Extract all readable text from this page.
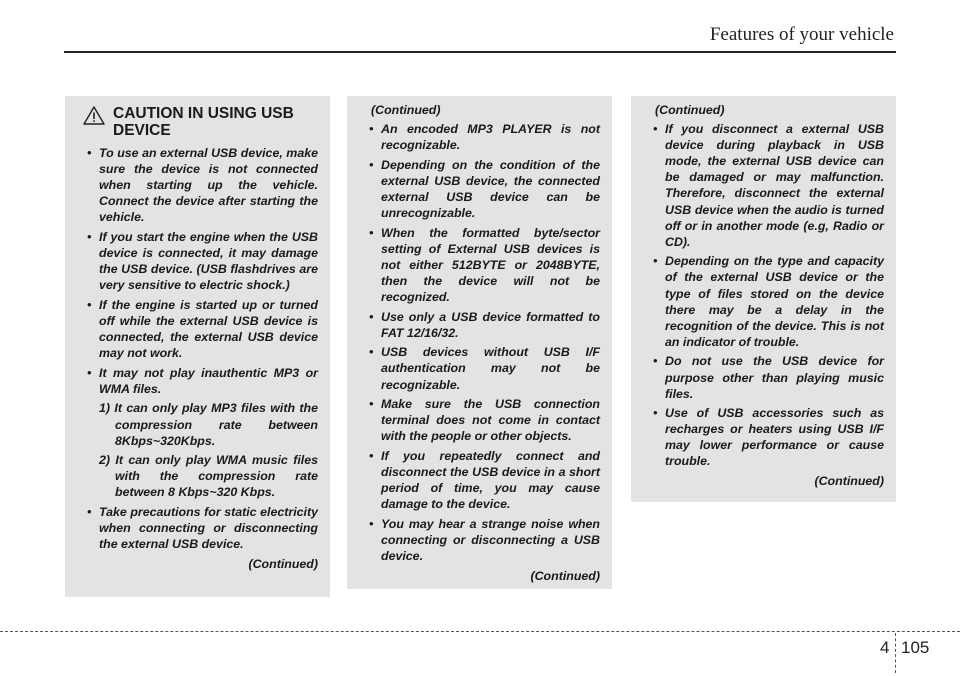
Features of your vehicle
CAUTION IN USING USB
DEVICE
• To use an external USB device, make sure the device is not connected when starting up the vehicle. Connect the device after starting the vehicle.
• If you start the engine when the USB device is connected, it may damage the USB device. (USB flashdrives are very sensitive to electric shock.)
• If the engine is started up or turned off while the external USB device is connected, the external USB device may not work.
• It may not play inauthentic MP3 or WMA files.
1) It can only play MP3 files with the compression rate between 8Kbps~320Kbps.
2) It can only play WMA music files with the compression rate between 8 Kbps~320 Kbps.
• Take precautions for static electricity when connecting or disconnecting the external USB device.
(Continued)
(Continued)
• An encoded MP3 PLAYER is not recognizable.
• Depending on the condition of the external USB device, the connected external USB device can be unrecognizable.
• When the formatted byte/sector setting of External USB devices is not either 512BYTE or 2048BYTE, then the device will not be recognized.
• Use only a USB device formatted to FAT 12/16/32.
• USB devices without USB I/F authentication may not be recognizable.
• Make sure the USB connection terminal does not come in contact with the people or other objects.
• If you repeatedly connect and disconnect the USB device in a short period of time, you may cause damage to the device.
• You may hear a strange noise when connecting or disconnecting a USB device.
(Continued)
(Continued)
• If you disconnect a external USB device during playback in USB mode, the external USB device can be damaged or may malfunction. Therefore, disconnect the external USB device when the audio is turned off or in another mode (e.g, Radio or CD).
• Depending on the type and capacity of the external USB device or the type of files stored on the device there may be a delay in the recognition of the device. This is not an indicator of trouble.
• Do not use the USB device for purpose other than playing music files.
• Use of USB accessories such as recharges or heaters using USB I/F may lower performance or cause trouble.
(Continued)
4 105
